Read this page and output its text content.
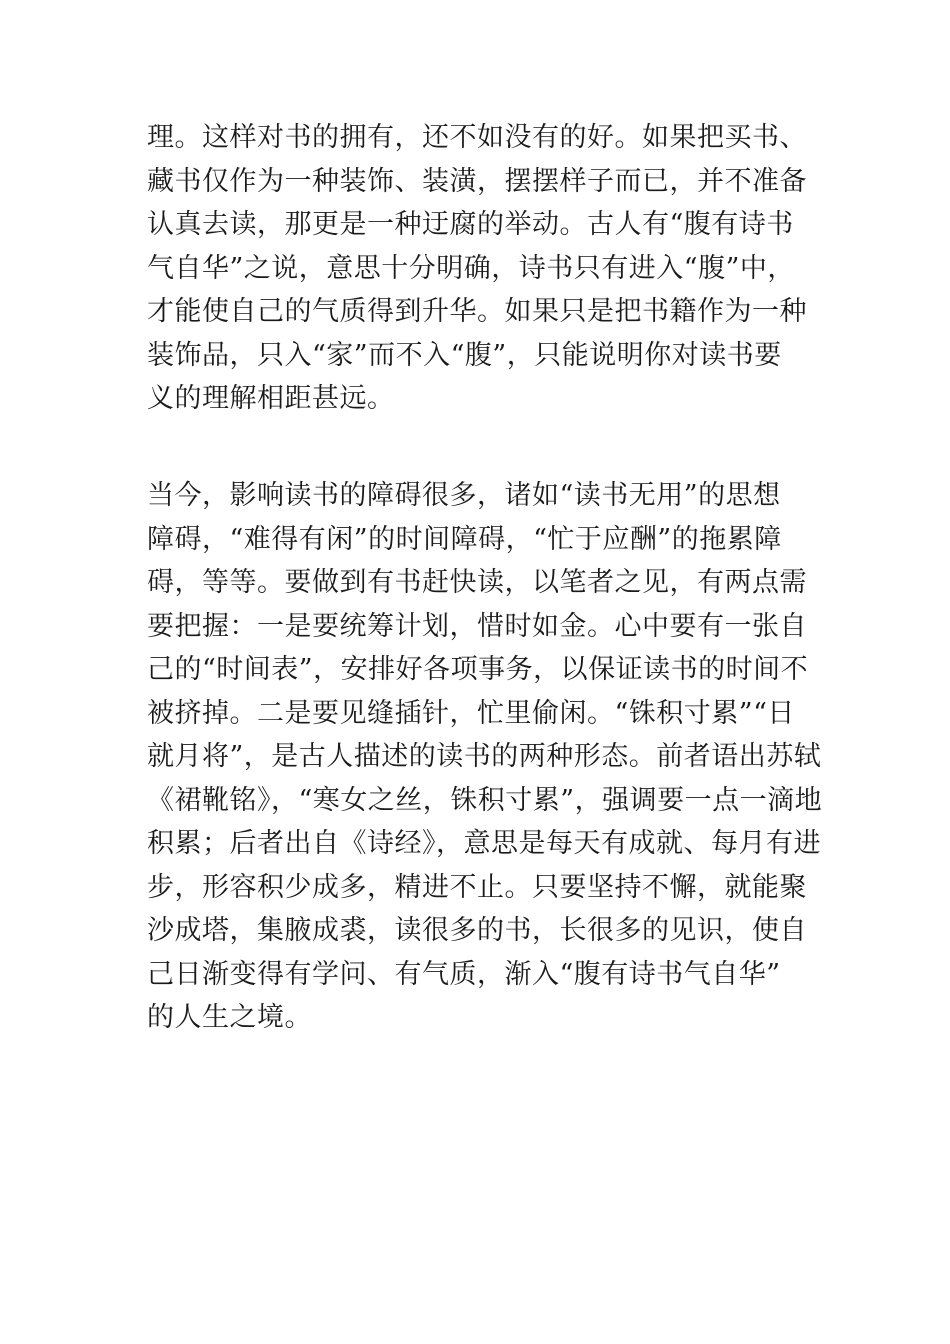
理。这样对书的拥有，还不如没有的好。如果把买书、
藏书仅作为一种装饰、装潢，摆摆样子而已，并不准备
认真去读，那更是一种迂腐的举动。古人有“腹有诗书
气自华”之说，意思十分明确，诗书只有进入“腹”中，
才能使自己的气质得到升华。如果只是把书籍作为一种
装饰品，只入“家”而不入“腹”，只能说明你对读书要
义的理解相距甚远。

当今，影响读书的障碍很多，诸如“读书无用”的思想
障碍，“难得有闲”的时间障碍，“忙于应酬”的拖累障
碍，等等。要做到有书赶快读，以笔者之见，有两点需
要把握：一是要统筹计划，惜时如金。心中要有一张自
己的“时间表”，安排好各项事务，以保证读书的时间不
被挤掉。二是要见缝插针，忙里偷闲。“铢积寸累”“日
就月将”，是古人描述的读书的两种形态。前者语出苏轼
《裙靴铭》，“寒女之丝，铢积寸累”，强调要一点一滴地
积累；后者出自《诗经》，意思是每天有成就、每月有进
步，形容积少成多，精进不止。只要坚持不懈，就能聚
沙成塔，集腋成裘，读很多的书，长很多的见识，使自
己日渐变得有学问、有气质，渐入“腹有诗书气自华”
的人生之境。
